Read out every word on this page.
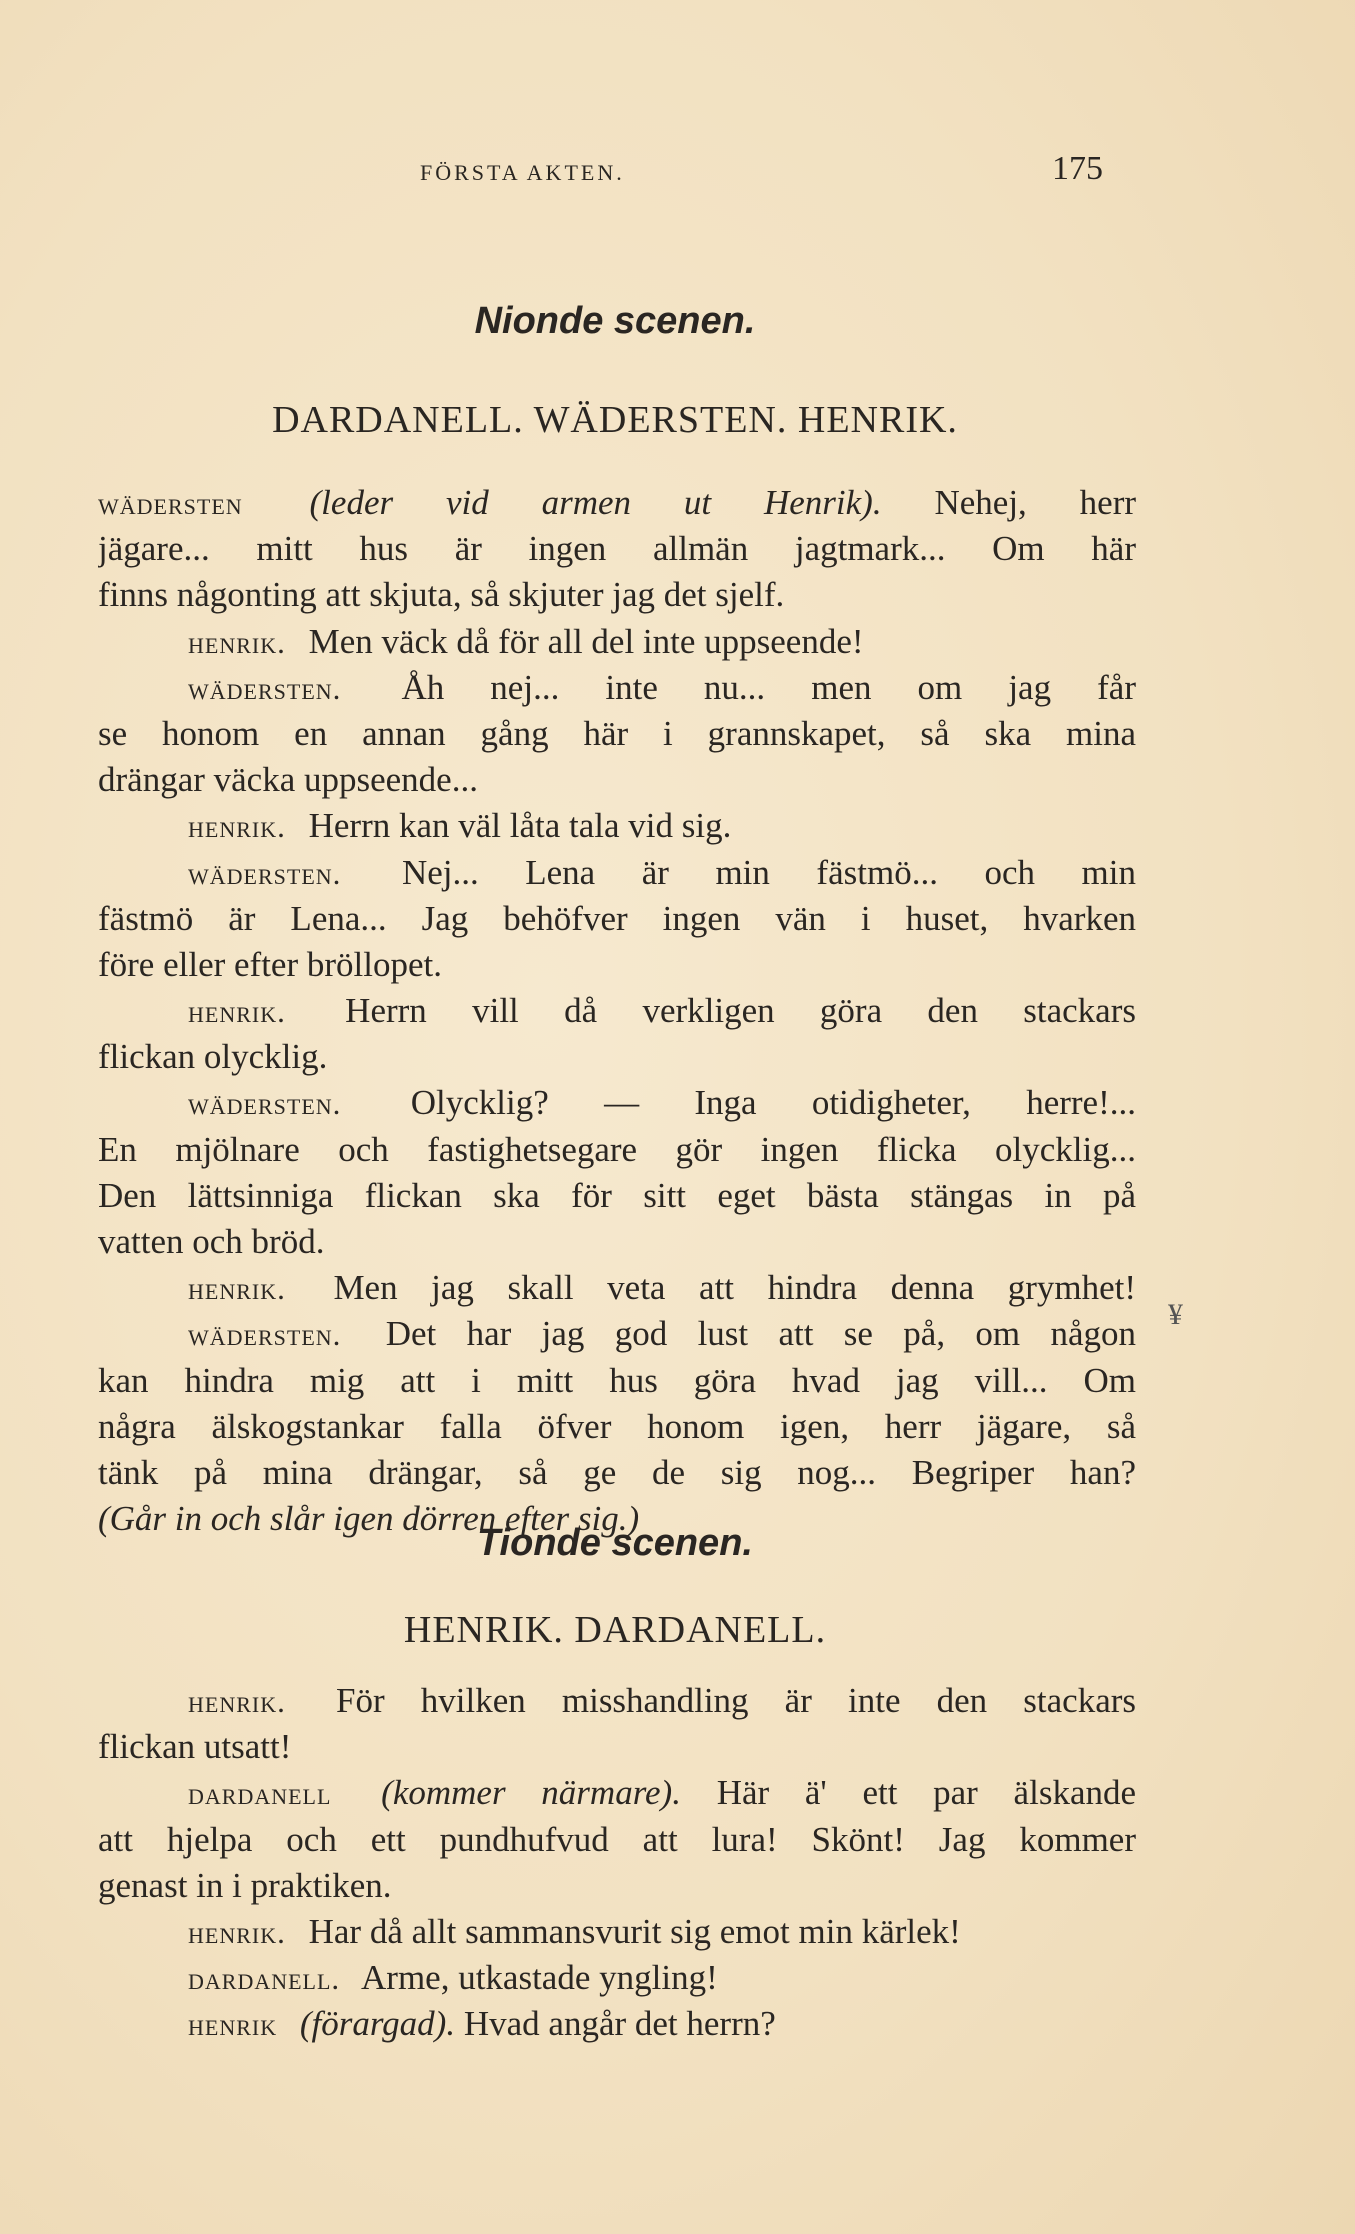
FÖRSTA AKTEN.	175
Nionde scenen.
DARDANELL. WÄDERSTEN. HENRIK.
wädersten (leder vid armen ut Henrik). Nehej, herr
jägare... mitt hus är ingen allmän jagtmark... Om här
finns någonting att skjuta, så skjuter jag det sjelf.
henrik. Men väck då för all del inte uppseende!
wädersten. Åh nej... inte nu... men om jag får
se honom en annan gång här i grannskapet, så ska mina
drängar väcka uppseende...
henrik. Herrn kan väl låta tala vid sig.
wädersten. Nej... Lena är min fästmö... och min
fästmö är Lena... Jag behöfver ingen vän i huset, hvarken
före eller efter bröllopet.
henrik. Herrn vill då verkligen göra den stackars
flickan olycklig.
wädersten. Olycklig? — Inga otidigheter, herre!...
En mjölnare och fastighetsegare gör ingen flicka olycklig...
Den lättsinniga flickan ska för sitt eget bästa stängas in på
vatten och bröd.
henrik. Men jag skall veta att hindra denna grymhet!
wädersten. Det har jag god lust att se på, om någon
kan hindra mig att i mitt hus göra hvad jag vill... Om
några älskogstankar falla öfver honom igen, herr jägare, så
tänk på mina drängar, så ge de sig nog... Begriper han?
(Går in och slår igen dörren efter sig.)
Tionde scenen.
HENRIK. DARDANELL.
henrik. För hvilken misshandling är inte den stackars
flickan utsatt!
dardanell (kommer närmare). Här ä' ett par älskande
att hjelpa och ett pundhufvud att lura! Skönt! Jag kommer
genast in i praktiken.
henrik. Har då allt sammansvurit sig emot min kärlek!
dardanell. Arme, utkastade yngling!
henrik (förargad). Hvad angår det herrn?
¥
